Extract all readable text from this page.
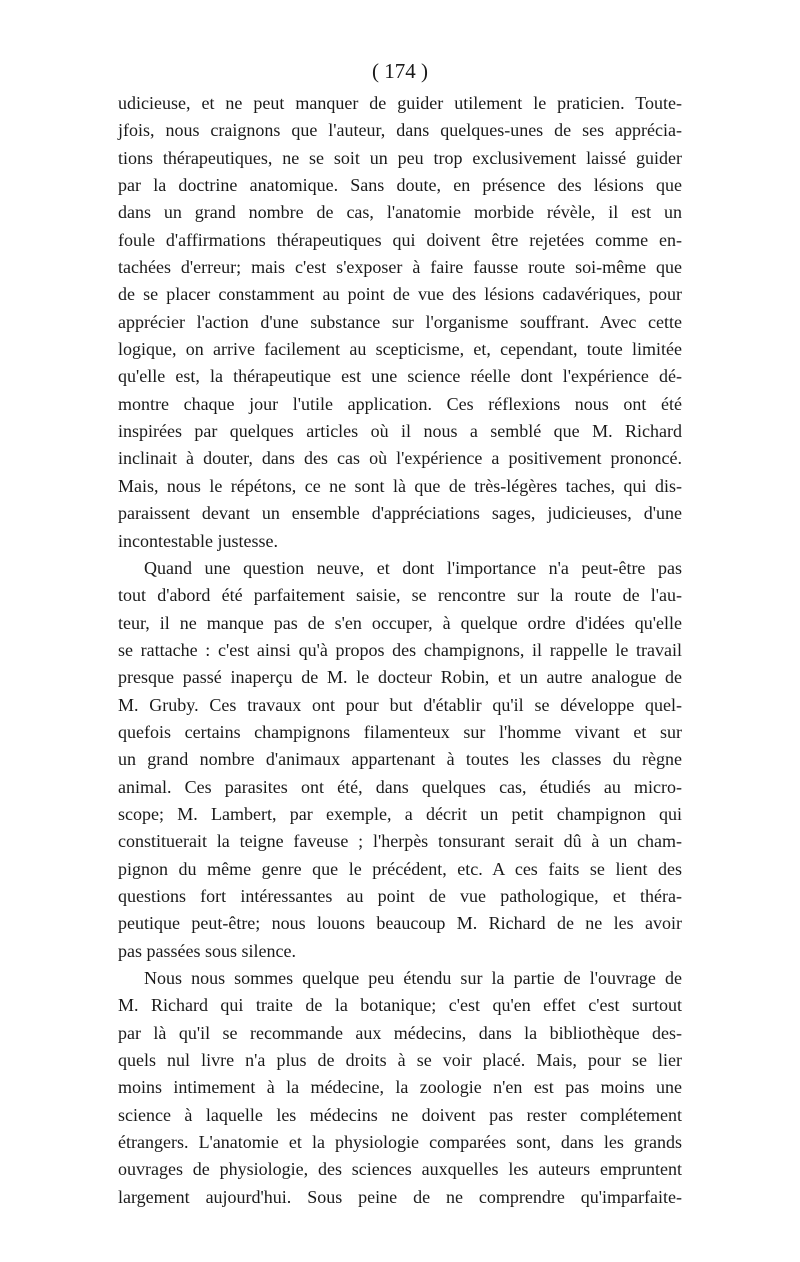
( 174 )

udicieuse, et ne peut manquer de guider utilement le praticien. Toute-
jfois, nous craignons que l'auteur, dans quelques-unes de ses apprécia-
tions thérapeutiques, ne se soit un peu trop exclusivement laissé guider
par la doctrine anatomique. Sans doute, en présence des lésions que
dans un grand nombre de cas, l'anatomie morbide révèle, il est un
foule d'affirmations thérapeutiques qui doivent être rejetées comme en-
tachées d'erreur; mais c'est s'exposer à faire fausse route soi-même que
de se placer constamment au point de vue des lésions cadavériques, pour
apprécier l'action d'une substance sur l'organisme souffrant. Avec cette
logique, on arrive facilement au scepticisme, et, cependant, toute limitée
qu'elle est, la thérapeutique est une science réelle dont l'expérience dé-
montre chaque jour l'utile application. Ces réflexions nous ont été
inspirées par quelques articles où il nous a semblé que M. Richard
inclinait à douter, dans des cas où l'expérience a positivement prononcé.
Mais, nous le répétons, ce ne sont là que de très-légères taches, qui dis-
paraissent devant un ensemble d'appréciations sages, judicieuses, d'une
incontestable justesse.

Quand une question neuve, et dont l'importance n'a peut-être pas
tout d'abord été parfaitement saisie, se rencontre sur la route de l'au-
teur, il ne manque pas de s'en occuper, à quelque ordre d'idées qu'elle
se rattache : c'est ainsi qu'à propos des champignons, il rappelle le travail
presque passé inaperçu de M. le docteur Robin, et un autre analogue de
M. Gruby. Ces travaux ont pour but d'établir qu'il se développe quel-
quefois certains champignons filamenteux sur l'homme vivant et sur
un grand nombre d'animaux appartenant à toutes les classes du règne
animal. Ces parasites ont été, dans quelques cas, étudiés au micro-
scope; M. Lambert, par exemple, a décrit un petit champignon qui
constituerait la teigne faveuse ; l'herpès tonsurant serait dû à un cham-
pignon du même genre que le précédent, etc. A ces faits se lient des
questions fort intéressantes au point de vue pathologique, et théra-
peutique peut-être; nous louons beaucoup M. Richard de ne les avoir
pas passées sous silence.

Nous nous sommes quelque peu étendu sur la partie de l'ouvrage de
M. Richard qui traite de la botanique; c'est qu'en effet c'est surtout
par là qu'il se recommande aux médecins, dans la bibliothèque des-
quels nul livre n'a plus de droits à se voir placé. Mais, pour se lier
moins intimement à la médecine, la zoologie n'en est pas moins une
science à laquelle les médecins ne doivent pas rester complétement
étrangers. L'anatomie et la physiologie comparées sont, dans les grands
ouvrages de physiologie, des sciences auxquelles les auteurs empruntent
largement aujourd'hui. Sous peine de ne comprendre qu'imparfaite-
